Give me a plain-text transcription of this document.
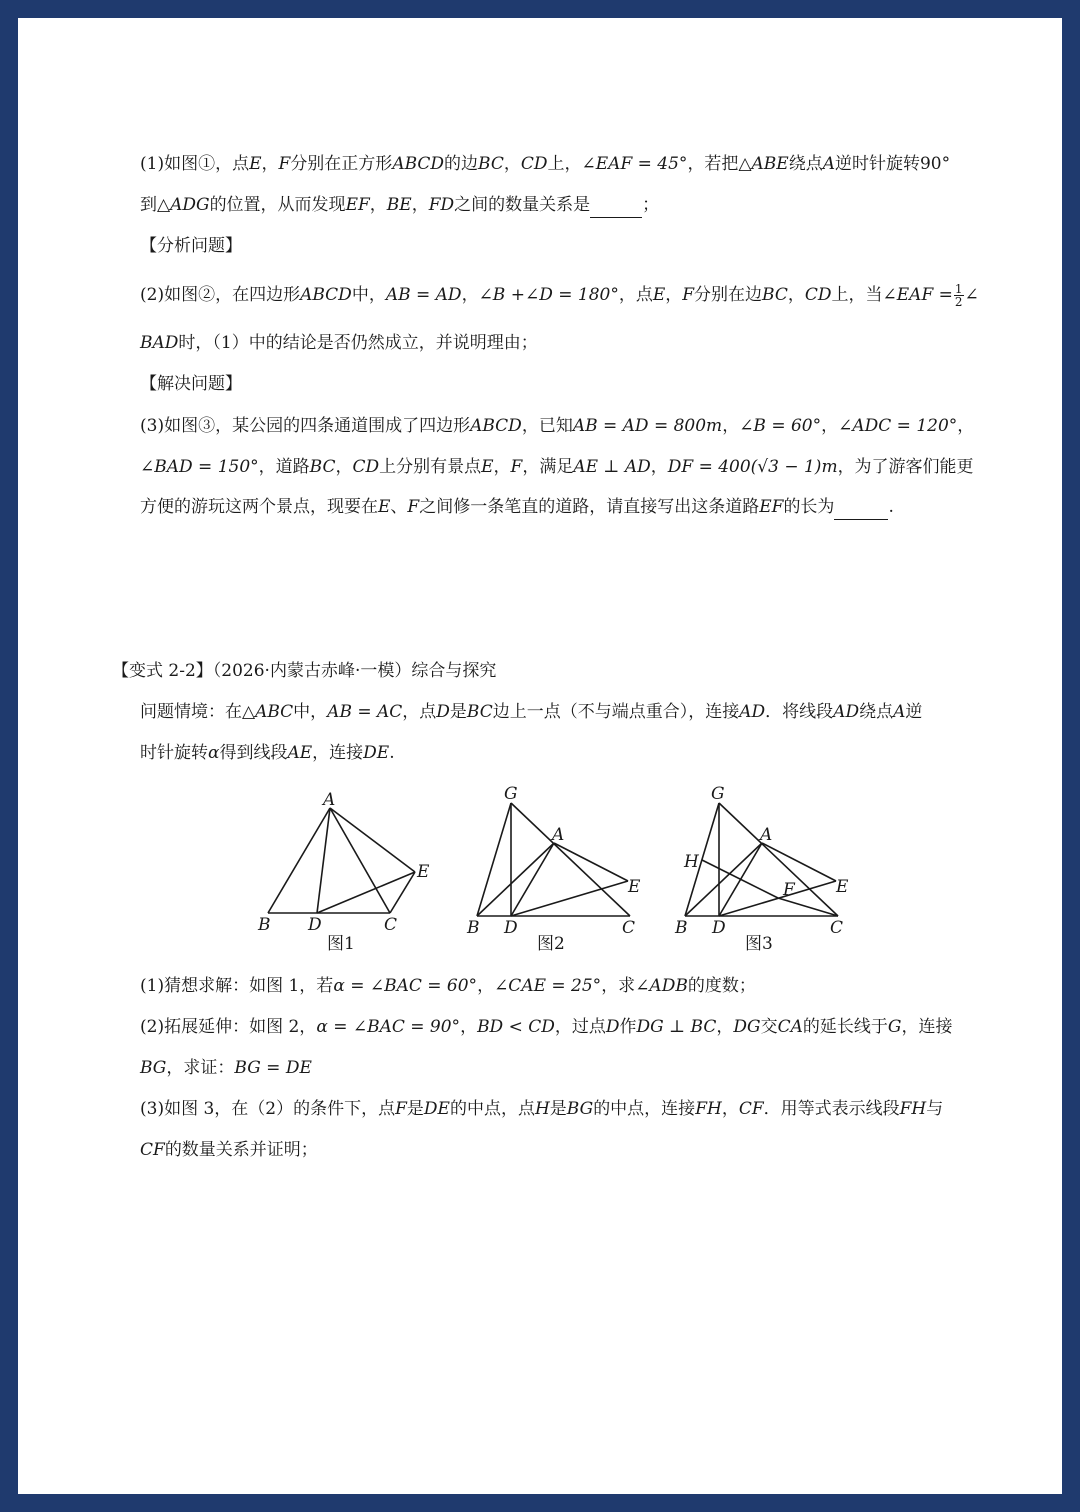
(1)如图①，点E，F分别在正方形ABCD的边BC，CD上，∠EAF = 45°，若把△ABE绕点A逆时针旋转90°
到△ADG的位置，从而发现EF，BE，FD之间的数量关系是	；
【分析问题】
(2)如图②，在四边形ABCD中，AB = AD，∠B +∠D = 180°，点E，F分别在边BC，CD上，当∠EAF = $\frac{1}{2}$ ∠
BAD时，（1）中的结论是否仍然成立，并说明理由；
【解决问题】
(3)如图③，某公园的四条通道围成了四边形ABCD，已知AB = AD = 800m，∠B = 60°，∠ADC = 120°，
∠BAD = 150°，道路BC，CD上分别有景点E，F，满足AE ⊥ AD，DF = 400(√3 − 1)m，为了游客们能更
方便的游玩这两个景点，现要在E、F之间修一条笔直的道路，请直接写出这条道路EF的长为	.
【变式 2-2】（2026·内蒙古赤峰·一模）综合与探究
问题情境：在△ABC中，AB = AC，点D是BC边上一点（不与端点重合），连接AD．将线段AD绕点A逆
时针旋转α得到线段AE，连接DE.
A
B D	C
E
图1
G
A
E
B D	C
图2
G
A
H
F E
B D	C
图3
(1)猜想求解：如图 1，若α = ∠BAC = 60°，∠CAE = 25°，求∠ADB的度数；
(2)拓展延伸：如图 2，α = ∠BAC = 90°，BD < CD，过点D作DG ⊥ BC，DG交CA的延长线于G，连接
BG，求证：BG = DE
(3)如图 3，在（2）的条件下，点F是DE的中点，点H是BG的中点，连接FH，CF．用等式表示线段FH与
CF的数量关系并证明；
